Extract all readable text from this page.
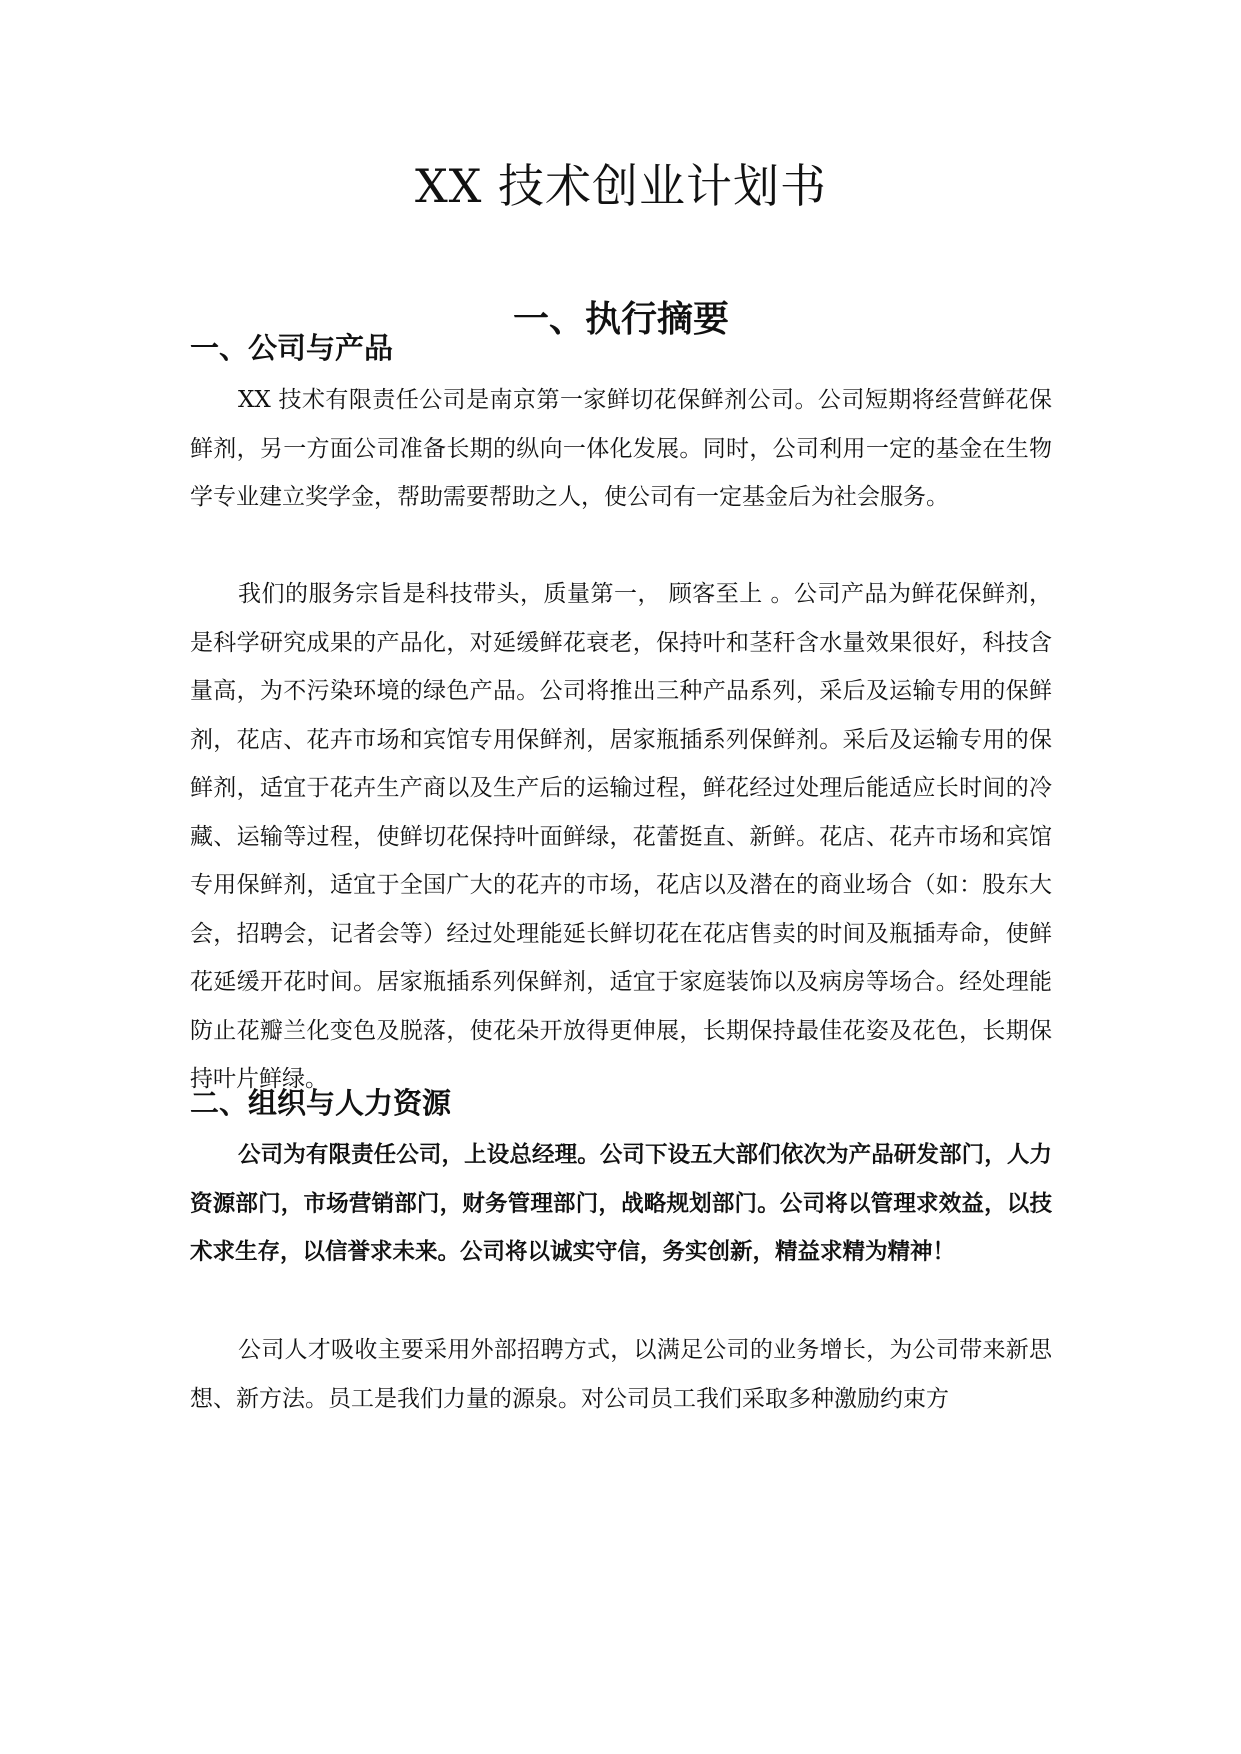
XX 技术创业计划书
一、执行摘要
一、公司与产品

XX 技术有限责任公司是南京第一家鲜切花保鲜剂公司。公司短期将经营鲜花保鲜剂，另一方面公司准备长期的纵向一体化发展。同时，公司利用一定的基金在生物学专业建立奖学金，帮助需要帮助之人，使公司有一定基金后为社会服务。

我们的服务宗旨是科技带头，质量第一， 顾客至上 。公司产品为鲜花保鲜剂，是科学研究成果的产品化，对延缓鲜花衰老，保持叶和茎秆含水量效果很好，科技含量高，为不污染环境的绿色产品。公司将推出三种产品系列，采后及运输专用的保鲜剂，花店、花卉市场和宾馆专用保鲜剂，居家瓶插系列保鲜剂。采后及运输专用的保鲜剂，适宜于花卉生产商以及生产后的运输过程，鲜花经过处理后能适应长时间的冷藏、运输等过程，使鲜切花保持叶面鲜绿，花蕾挺直、新鲜。花店、花卉市场和宾馆专用保鲜剂，适宜于全国广大的花卉的市场，花店以及潜在的商业场合（如：股东大会，招聘会，记者会等）经过处理能延长鲜切花在花店售卖的时间及瓶插寿命，使鲜花延缓开花时间。居家瓶插系列保鲜剂，适宜于家庭装饰以及病房等场合。经处理能防止花瓣兰化变色及脱落，使花朵开放得更伸展，长期保持最佳花姿及花色，长期保持叶片鲜绿。

二、组织与人力资源

公司为有限责任公司，上设总经理。公司下设五大部们依次为产品研发部门，人力资源部门，市场营销部门，财务管理部门，战略规划部门。公司将以管理求效益，以技术求生存，以信誉求未来。公司将以诚实守信，务实创新，精益求精为精神！

公司人才吸收主要采用外部招聘方式，以满足公司的业务增长，为公司带来新思想、新方法。员工是我们力量的源泉。对公司员工我们采取多种激励约束方
